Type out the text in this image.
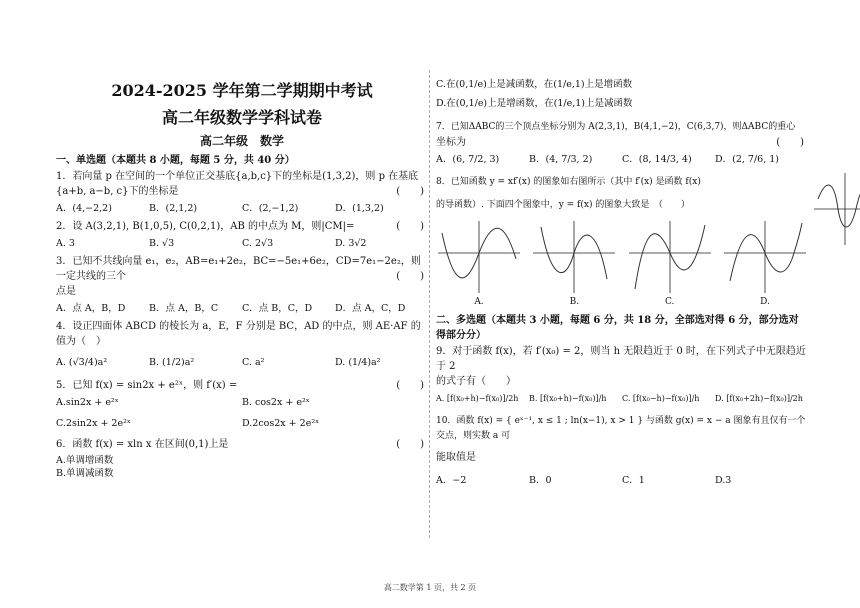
2024-2025 学年第二学期期中考试
高二年级数学学科试卷
高二年级　数学
一、单选题（本题共 8 小题，每题 5 分，共 40 分）
1．若向量 p 在空间的一个单位正交基底{a,b,c}下的坐标是(1,3,2)，则 p 在基底
{a+b, a−b, c}下的坐标是	(　　)
A．(4,−2,2)	B．(2,1,2)	C．(2,−1,2)	D．(1,3,2)
2．设 A(3,2,1), B(1,0,5), C(0,2,1)，AB 的中点为 M，则|CM|=	(　　)
A. 3	B. √3	C. 2√3	D. 3√2
3．已知不共线向量 e₁，e₂，AB=e₁+2e₂，BC=−5e₁+6e₂，CD=7e₁−2e₂，则一定共线的三个
点是
(　　)
A．点 A，B，D	B．点 A，B，C	C．点 B，C，D	D．点 A，C，D
4．设正四面体 ABCD 的棱长为 a，E，F 分别是 BC，AD 的中点，则 AE·AF 的值为（　）
A. (√3/4)a²	B. (1/2)a²	C. a²	D. (1/4)a²
5．已知 f(x) = sin2x + e²ˣ，则 f′(x) =	(　　)
A.sin2x + e²ˣ	B. cos2x + e²ˣ
C.2sin2x + 2e²ˣ	D.2cos2x + 2e²ˣ
6．函数 f(x) = xln x 在区间(0,1)上是	(　　)
A.单调增函数
B.单调减函数
C.在(0,1/e)上是减函数，在(1/e,1)上是增函数
D.在(0,1/e)上是增函数，在(1/e,1)上是减函数
7．已知ΔABC的三个顶点坐标分别为 A(2,3,1)，B(4,1,−2)，C(6,3,7)，则ΔABC的重心
坐标为	(　　)
A．(6, 7/2, 3)	B．(4, 7/3, 2)	C．(8, 14/3, 4)	D．(2, 7/6, 1)
8．已知函数 y = xf′(x) 的图象如右图所示（其中 f′(x) 是函数 f(x)
的导函数）. 下面四个图象中，y = f(x) 的图象大致是　（　　）
A.	B.	C.	D.
二、多选题（本题共 3 小题，每题 6 分，共 18 分，全部选对得 6 分，部分选对得部分分）
9．对于函数 f(x)，若 f′(x₀) = 2，则当 h 无限趋近于 0 时，在下列式子中无限趋近于 2
的式子有（　　）
A. [f(x₀+h)−f(x₀)]/2h	B. [f(x₀+h)−f(x₀)]/h	C. [f(x₀−h)−f(x₀)]/h	D. [f(x₀+2h)−f(x₀)]/2h
10．函数 f(x) = { eˣ⁻¹, x ≤ 1 ; ln(x−1), x > 1 } 与函数 g(x) = x − a 图象有且仅有一个交点，则实数 a 可
能取值是
A．−2	B．0	C．1	D.3
高二数学第 1 页，共 2 页
